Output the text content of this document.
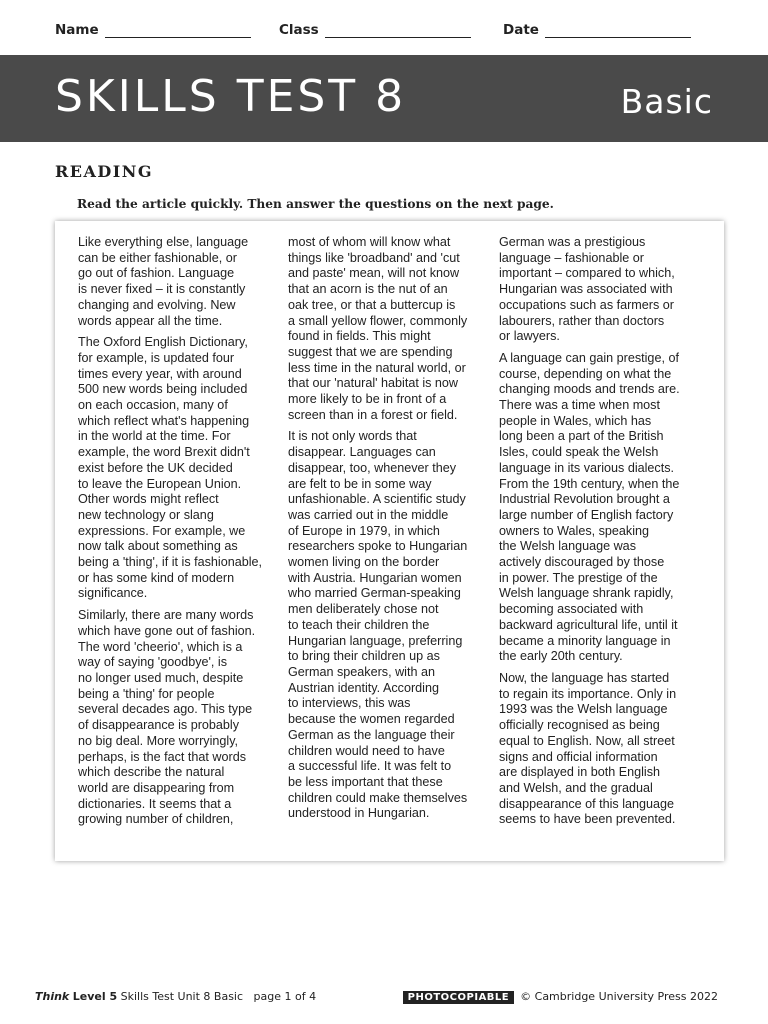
Name	Class	Date
SKILLS TEST 8	Basic
READING
Read the article quickly. Then answer the questions on the next page.

Like everything else, language
can be either fashionable, or
go out of fashion. Language
is never fixed – it is constantly
changing and evolving. New
words appear all the time.

The Oxford English Dictionary,
for example, is updated four
times every year, with around
500 new words being included
on each occasion, many of
which reflect what's happening
in the world at the time. For
example, the word Brexit didn't
exist before the UK decided
to leave the European Union.
Other words might reflect
new technology or slang
expressions. For example, we
now talk about something as
being a 'thing', if it is fashionable,
or has some kind of modern
significance.

Similarly, there are many words
which have gone out of fashion.
The word 'cheerio', which is a
way of saying 'goodbye', is
no longer used much, despite
being a 'thing' for people
several decades ago. This type
of disappearance is probably
no big deal. More worryingly,
perhaps, is the fact that words
which describe the natural
world are disappearing from
dictionaries. It seems that a
growing number of children,

most of whom will know what
things like 'broadband' and 'cut
and paste' mean, will not know
that an acorn is the nut of an
oak tree, or that a buttercup is
a small yellow flower, commonly
found in fields. This might
suggest that we are spending
less time in the natural world, or
that our 'natural' habitat is now
more likely to be in front of a
screen than in a forest or field.

It is not only words that
disappear. Languages can
disappear, too, whenever they
are felt to be in some way
unfashionable. A scientific study
was carried out in the middle
of Europe in 1979, in which
researchers spoke to Hungarian
women living on the border
with Austria. Hungarian women
who married German-speaking
men deliberately chose not
to teach their children the
Hungarian language, preferring
to bring their children up as
German speakers, with an
Austrian identity. According
to interviews, this was
because the women regarded
German as the language their
children would need to have
a successful life. It was felt to
be less important that these
children could make themselves
understood in Hungarian.

German was a prestigious
language – fashionable or
important – compared to which,
Hungarian was associated with
occupations such as farmers or
labourers, rather than doctors
or lawyers.

A language can gain prestige, of
course, depending on what the
changing moods and trends are.
There was a time when most
people in Wales, which has
long been a part of the British
Isles, could speak the Welsh
language in its various dialects.
From the 19th century, when the
Industrial Revolution brought a
large number of English factory
owners to Wales, speaking
the Welsh language was
actively discouraged by those
in power. The prestige of the
Welsh language shrank rapidly,
becoming associated with
backward agricultural life, until it
became a minority language in
the early 20th century.

Now, the language has started
to regain its importance. Only in
1993 was the Welsh language
officially recognised as being
equal to English. Now, all street
signs and official information
are displayed in both English
and Welsh, and the gradual
disappearance of this language
seems to have been prevented.

Think Level 5 Skills Test Unit 8 Basic page 1 of 4	PHOTOCOPIABLE © Cambridge University Press 2022
